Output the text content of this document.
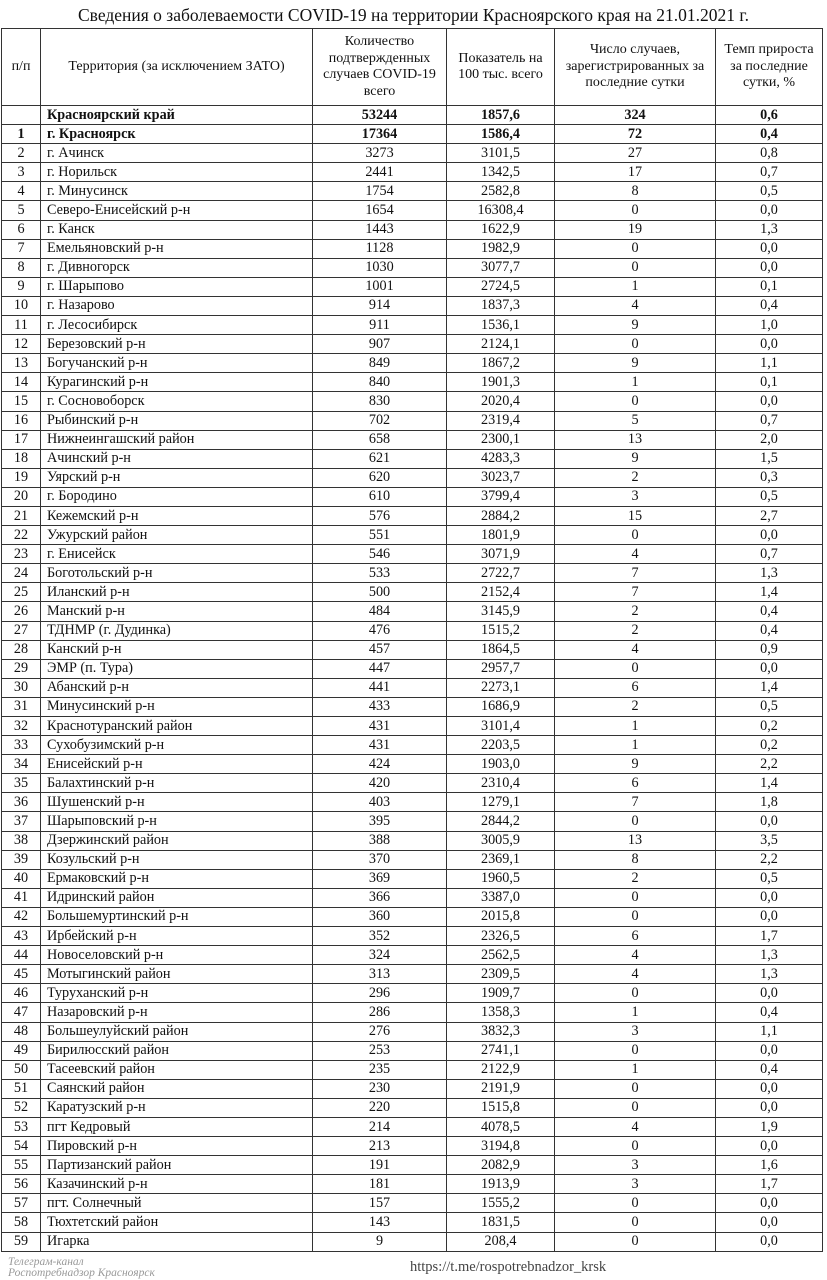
Сведения о заболеваемости COVID-19 на территории Красноярского края на 21.01.2021 г.
п/п	Территория (за исключением ЗАТО)	Количество подтвержденных случаев COVID-19 всего	Показатель на 100 тыс. всего	Число случаев, зарегистрированных за последние сутки	Темп прироста за последние сутки, %
	Красноярский край	53244	1857,6	324	0,6
1	г. Красноярск	17364	1586,4	72	0,4
2	г. Ачинск	3273	3101,5	27	0,8
3	г. Норильск	2441	1342,5	17	0,7
4	г. Минусинск	1754	2582,8	8	0,5
5	Северо-Енисейский р-н	1654	16308,4	0	0,0
6	г. Канск	1443	1622,9	19	1,3
7	Емельяновский р-н	1128	1982,9	0	0,0
8	г. Дивногорск	1030	3077,7	0	0,0
9	г. Шарыпово	1001	2724,5	1	0,1
10	г. Назарово	914	1837,3	4	0,4
11	г. Лесосибирск	911	1536,1	9	1,0
12	Березовский р-н	907	2124,1	0	0,0
13	Богучанский р-н	849	1867,2	9	1,1
14	Курагинский р-н	840	1901,3	1	0,1
15	г. Сосновоборск	830	2020,4	0	0,0
16	Рыбинский р-н	702	2319,4	5	0,7
17	Нижнеингашский район	658	2300,1	13	2,0
18	Ачинский р-н	621	4283,3	9	1,5
19	Уярский р-н	620	3023,7	2	0,3
20	г. Бородино	610	3799,4	3	0,5
21	Кежемский р-н	576	2884,2	15	2,7
22	Ужурский район	551	1801,9	0	0,0
23	г. Енисейск	546	3071,9	4	0,7
24	Боготольский р-н	533	2722,7	7	1,3
25	Иланский р-н	500	2152,4	7	1,4
26	Манский р-н	484	3145,9	2	0,4
27	ТДНМР (г. Дудинка)	476	1515,2	2	0,4
28	Канский р-н	457	1864,5	4	0,9
29	ЭМР (п. Тура)	447	2957,7	0	0,0
30	Абанский р-н	441	2273,1	6	1,4
31	Минусинский р-н	433	1686,9	2	0,5
32	Краснотуранский район	431	3101,4	1	0,2
33	Сухобузимский р-н	431	2203,5	1	0,2
34	Енисейский р-н	424	1903,0	9	2,2
35	Балахтинский р-н	420	2310,4	6	1,4
36	Шушенский р-н	403	1279,1	7	1,8
37	Шарыповский р-н	395	2844,2	0	0,0
38	Дзержинский район	388	3005,9	13	3,5
39	Козульский р-н	370	2369,1	8	2,2
40	Ермаковский р-н	369	1960,5	2	0,5
41	Идринский район	366	3387,0	0	0,0
42	Большемуртинский р-н	360	2015,8	0	0,0
43	Ирбейский р-н	352	2326,5	6	1,7
44	Новоселовский р-н	324	2562,5	4	1,3
45	Мотыгинский район	313	2309,5	4	1,3
46	Туруханский р-н	296	1909,7	0	0,0
47	Назаровский р-н	286	1358,3	1	0,4
48	Большеулуйский район	276	3832,3	3	1,1
49	Бирилюсский район	253	2741,1	0	0,0
50	Тасеевский район	235	2122,9	1	0,4
51	Саянский район	230	2191,9	0	0,0
52	Каратузский р-н	220	1515,8	0	0,0
53	пгт Кедровый	214	4078,5	4	1,9
54	Пировский р-н	213	3194,8	0	0,0
55	Партизанский район	191	2082,9	3	1,6
56	Казачинский р-н	181	1913,9	3	1,7
57	пгт. Солнечный	157	1555,2	0	0,0
58	Тюхтетский район	143	1831,5	0	0,0
59	Игарка	9	208,4	0	0,0
Телеграм-канал
Роспотребнадзор Красноярск	https://t.me/rospotrebnadzor_krsk
